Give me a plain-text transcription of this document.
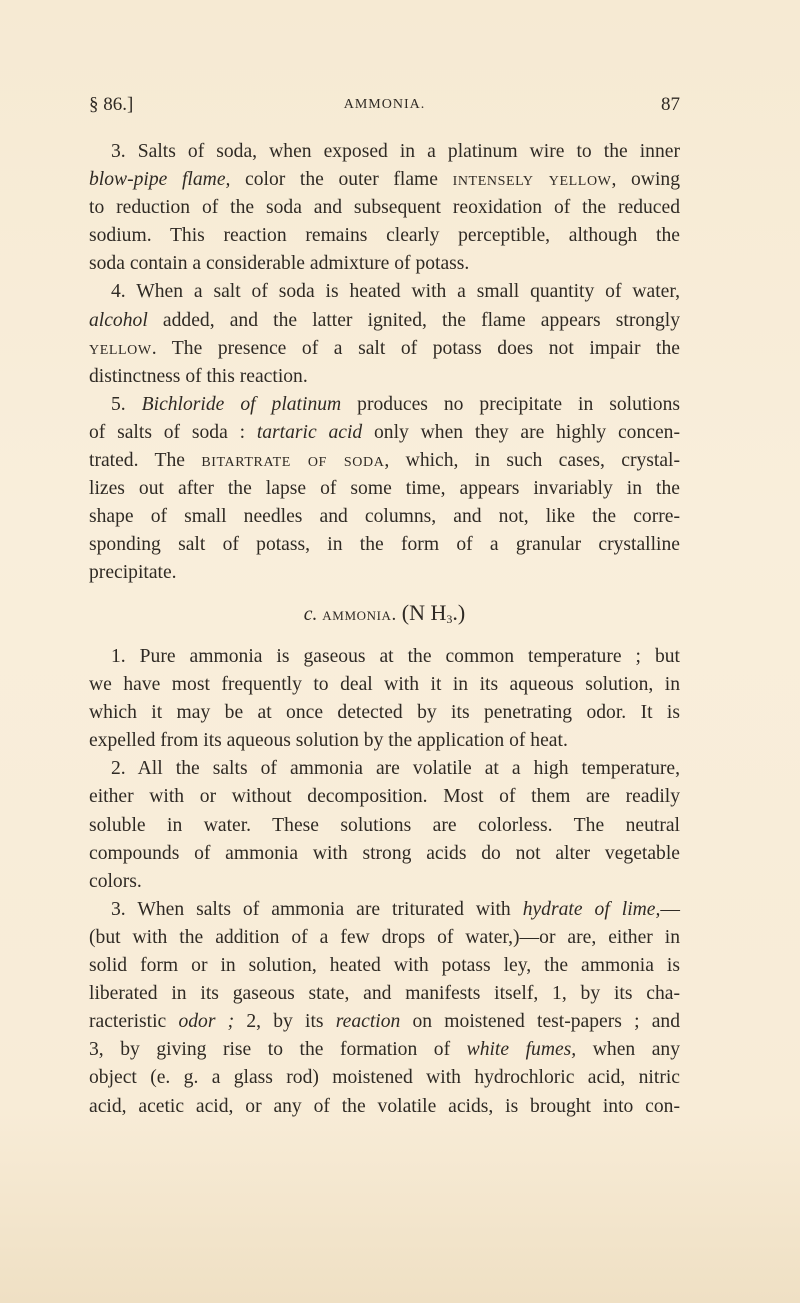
§ 86.]	AMMONIA.	87
3. Salts of soda, when exposed in a platinum wire to the inner
blow-pipe flame, color the outer flame intensely yellow, owing
to reduction of the soda and subsequent reoxidation of the reduced
sodium. This reaction remains clearly perceptible, although the
soda contain a considerable admixture of potass.
4. When a salt of soda is heated with a small quantity of water,
alcohol added, and the latter ignited, the flame appears strongly
yellow. The presence of a salt of potass does not impair the
distinctness of this reaction.
5. Bichloride of platinum produces no precipitate in solutions
of salts of soda : tartaric acid only when they are highly concen-
trated. The bitartrate of soda, which, in such cases, crystal-
lizes out after the lapse of some time, appears invariably in the
shape of small needles and columns, and not, like the corre-
sponding salt of potass, in the form of a granular crystalline
precipitate.
c. ammonia. (N $H_3$.)
1. Pure ammonia is gaseous at the common temperature ; but
we have most frequently to deal with it in its aqueous solution, in
which it may be at once detected by its penetrating odor. It is
expelled from its aqueous solution by the application of heat.
2. All the salts of ammonia are volatile at a high temperature,
either with or without decomposition. Most of them are readily
soluble in water. These solutions are colorless. The neutral
compounds of ammonia with strong acids do not alter vegetable
colors.
3. When salts of ammonia are triturated with hydrate of lime,—
(but with the addition of a few drops of water,)—or are, either in
solid form or in solution, heated with potass ley, the ammonia is
liberated in its gaseous state, and manifests itself, 1, by its cha-
racteristic odor ; 2, by its reaction on moistened test-papers ; and
3, by giving rise to the formation of white fumes, when any
object (e. g. a glass rod) moistened with hydrochloric acid, nitric
acid, acetic acid, or any of the volatile acids, is brought into con-
